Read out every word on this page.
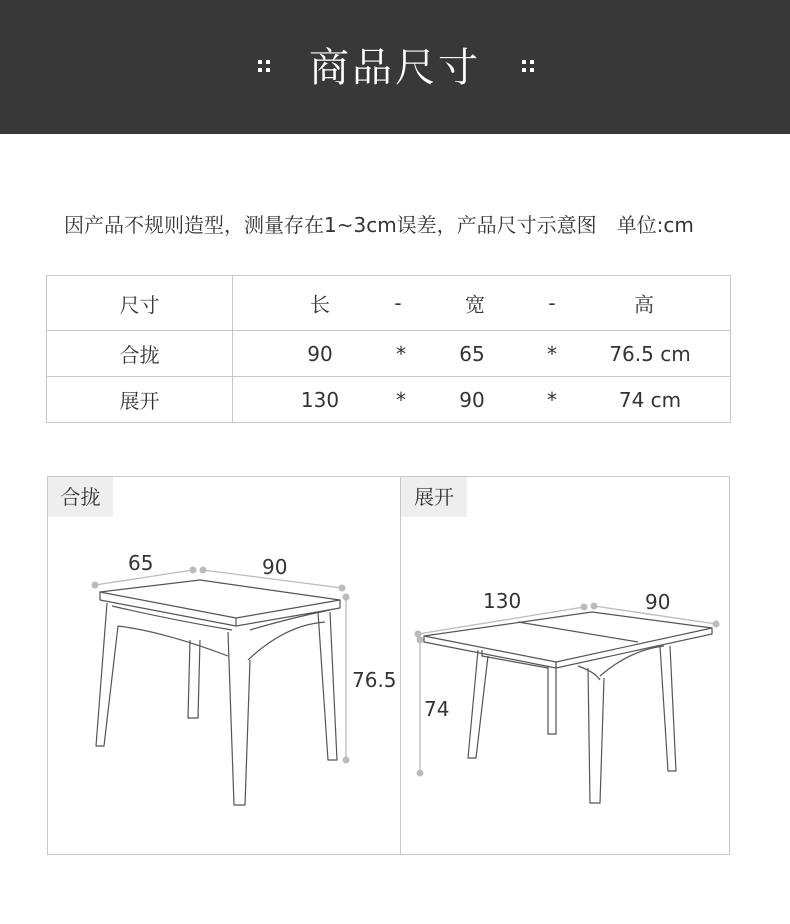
商品尺寸
因产品不规则造型，测量存在1~3cm误差，产品尺寸示意图 单位:cm
尺寸	长 - 宽 - 高

合拢	90 * 65 * 76.5 cm

展开	130 * 90 * 74 cm
合拢	展开
65	90
76.5
130	90
74
